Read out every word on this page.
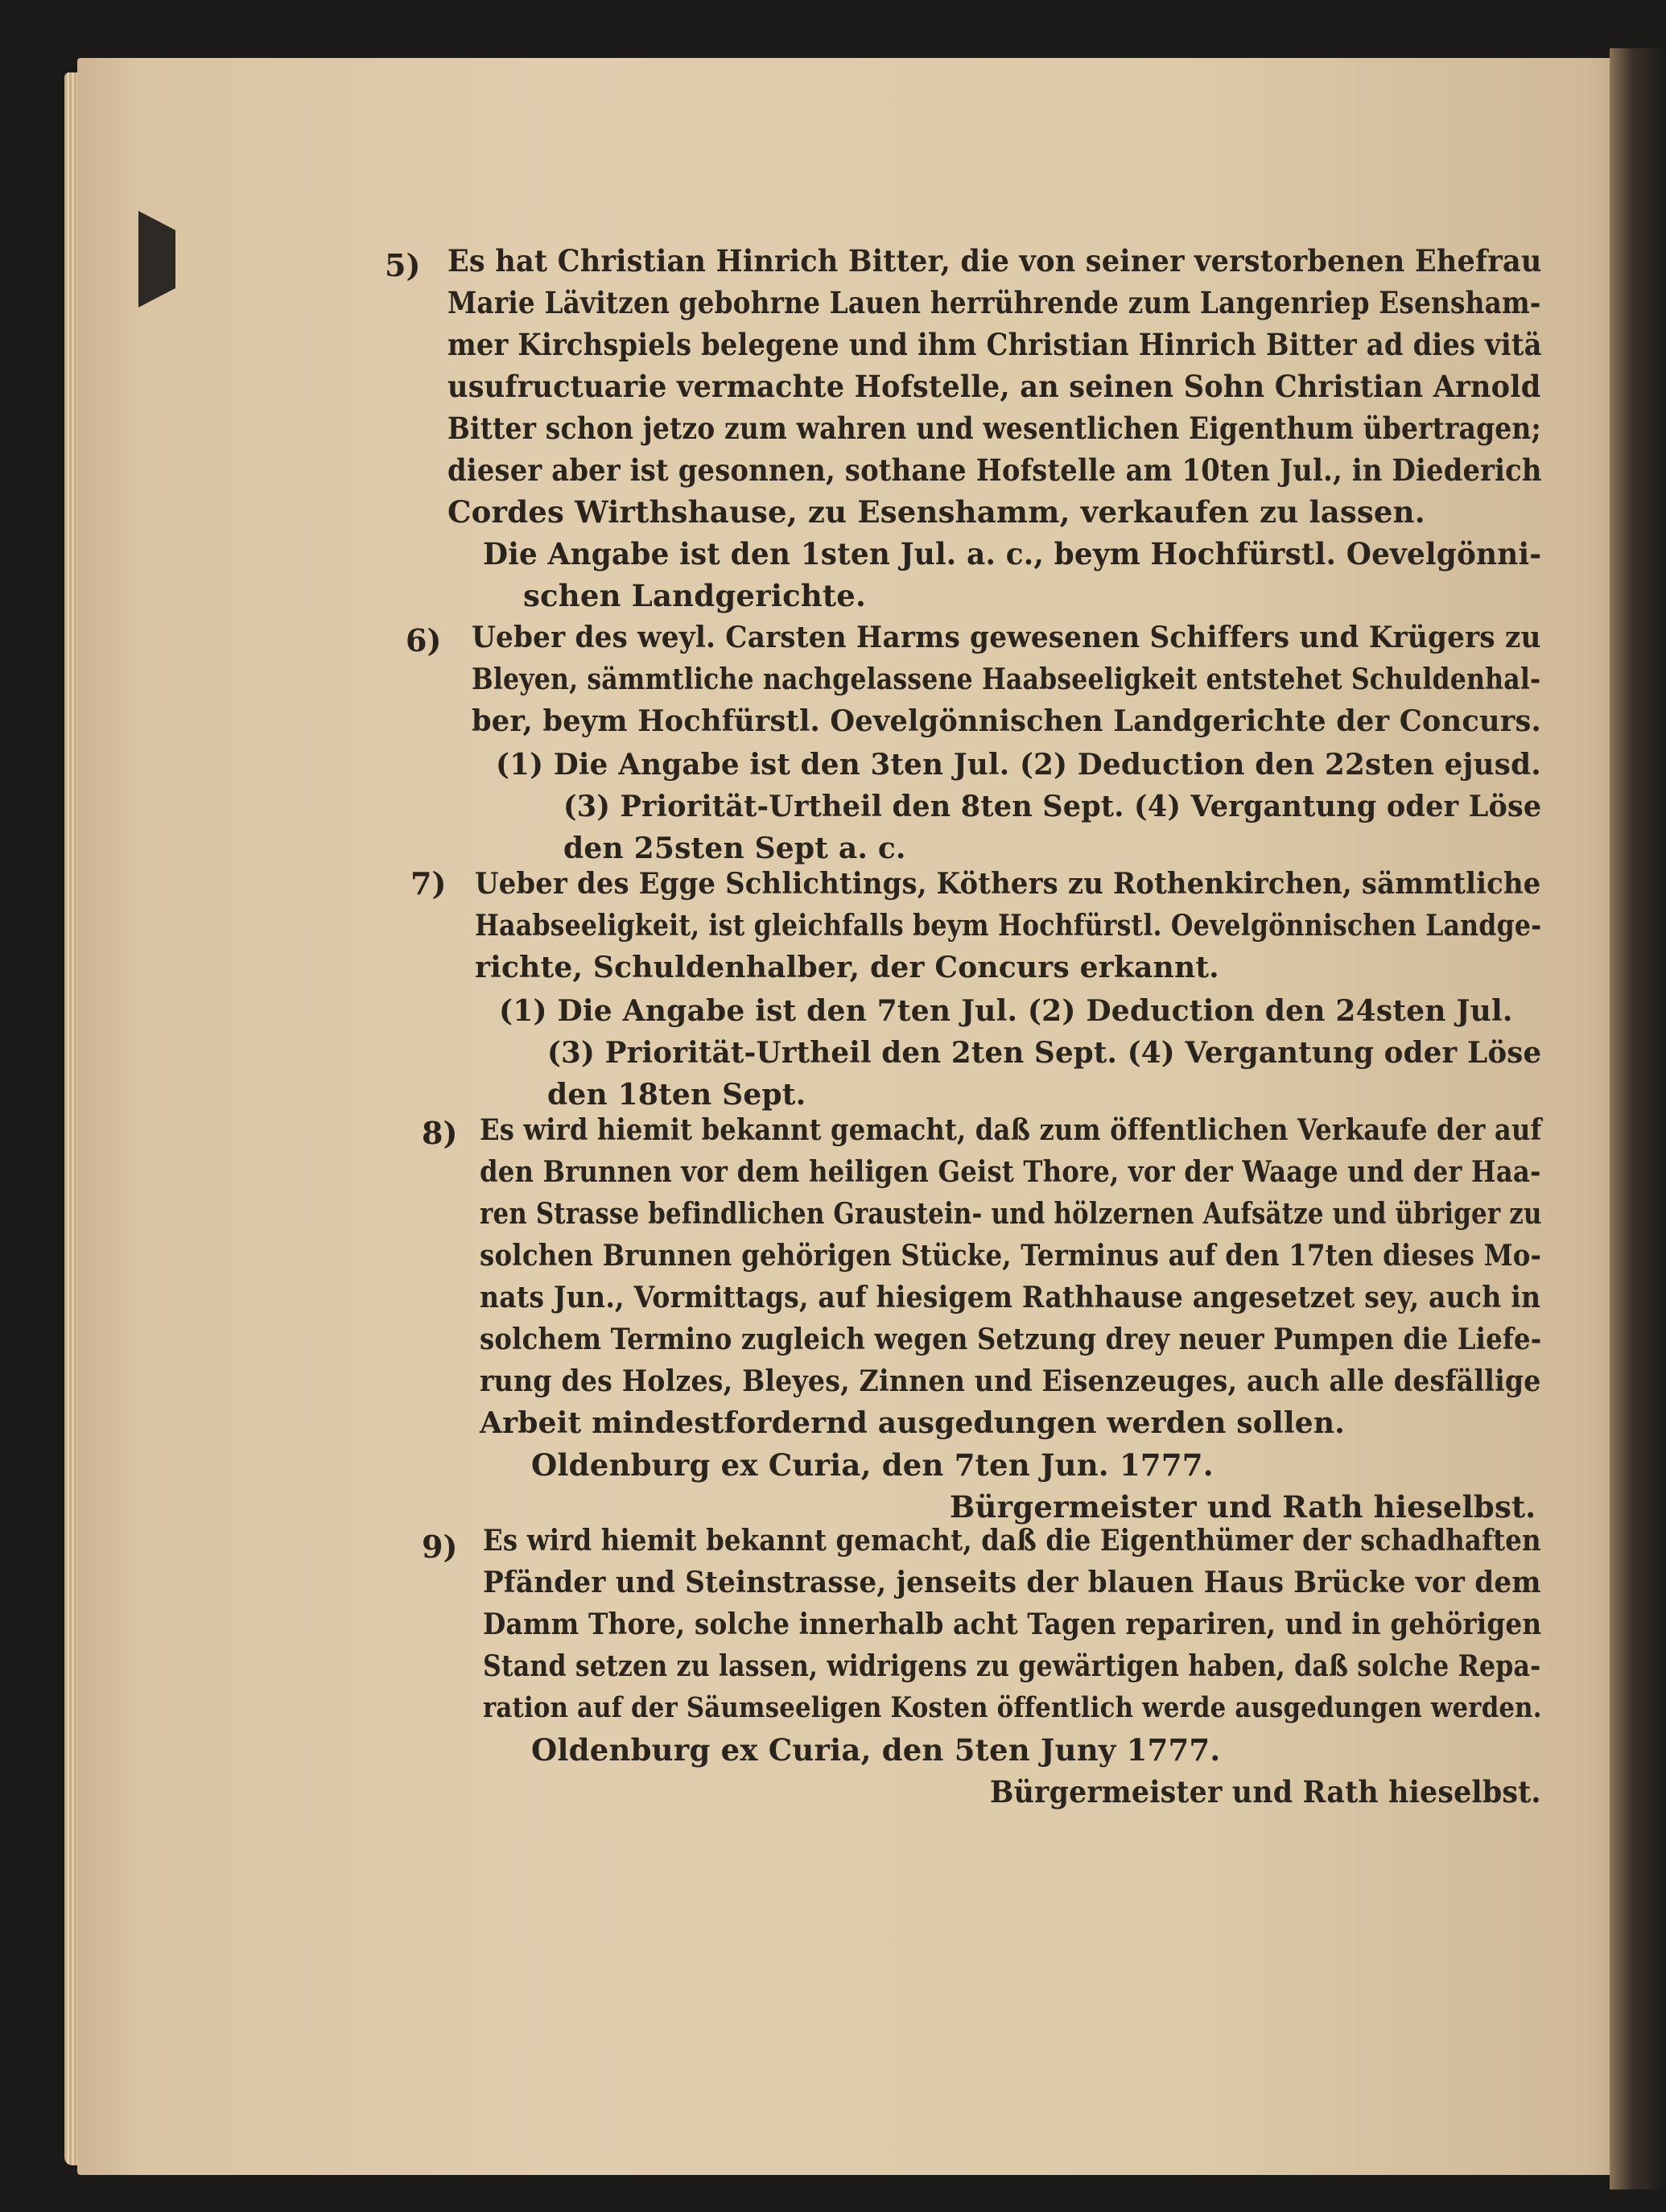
5) Es hat Christian Hinrich Bitter, die von seiner verstorbenen Ehefrau
Marie Lävitzen gebohrne Lauen herrührende zum Langenriep Esensham-
mer Kirchspiels belegene und ihm Christian Hinrich Bitter ad dies vitä
usufructuarie vermachte Hofstelle, an seinen Sohn Christian Arnold
Bitter schon jetzo zum wahren und wesentlichen Eigenthum übertragen;
dieser aber ist gesonnen, sothane Hofstelle am 10ten Jul., in Diederich
Cordes Wirthshause, zu Esenshamm, verkaufen zu lassen.
Die Angabe ist den 1sten Jul. a. c., beym Hochfürstl. Oevelgönni-
schen Landgerichte.
6) Ueber des weyl. Carsten Harms gewesenen Schiffers und Krügers zu
Bleyen, sämmtliche nachgelassene Haabseeligkeit entstehet Schuldenhal-
ber, beym Hochfürstl. Oevelgönnischen Landgerichte der Concurs.
(1) Die Angabe ist den 3ten Jul. (2) Deduction den 22sten ejusd.
(3) Priorität-Urtheil den 8ten Sept. (4) Vergantung oder Löse
den 25sten Sept a. c.
7) Ueber des Egge Schlichtings, Köthers zu Rothenkirchen, sämmtliche
Haabseeligkeit, ist gleichfalls beym Hochfürstl. Oevelgönnischen Landge-
richte, Schuldenhalber, der Concurs erkannt.
(1) Die Angabe ist den 7ten Jul. (2) Deduction den 24sten Jul.
(3) Priorität-Urtheil den 2ten Sept. (4) Vergantung oder Löse
den 18ten Sept.
8) Es wird hiemit bekannt gemacht, daß zum öffentlichen Verkaufe der auf
den Brunnen vor dem heiligen Geist Thore, vor der Waage und der Haa-
ren Strasse befindlichen Graustein- und hölzernen Aufsätze und übriger zu
solchen Brunnen gehörigen Stücke, Terminus auf den 17ten dieses Mo-
nats Jun., Vormittags, auf hiesigem Rathhause angesetzet sey, auch in
solchem Termino zugleich wegen Setzung drey neuer Pumpen die Liefe-
rung des Holzes, Bleyes, Zinnen und Eisenzeuges, auch alle desfällige
Arbeit mindestfordernd ausgedungen werden sollen.
Oldenburg ex Curia, den 7ten Jun. 1777.
Bürgermeister und Rath hieselbst.
9) Es wird hiemit bekannt gemacht, daß die Eigenthümer der schadhaften
Pfänder und Steinstrasse, jenseits der blauen Haus Brücke vor dem
Damm Thore, solche innerhalb acht Tagen repariren, und in gehörigen
Stand setzen zu lassen, widrigens zu gewärtigen haben, daß solche Repa-
ration auf der Säumseeligen Kosten öffentlich werde ausgedungen werden.
Oldenburg ex Curia, den 5ten Juny 1777.
Bürgermeister und Rath hieselbst.
